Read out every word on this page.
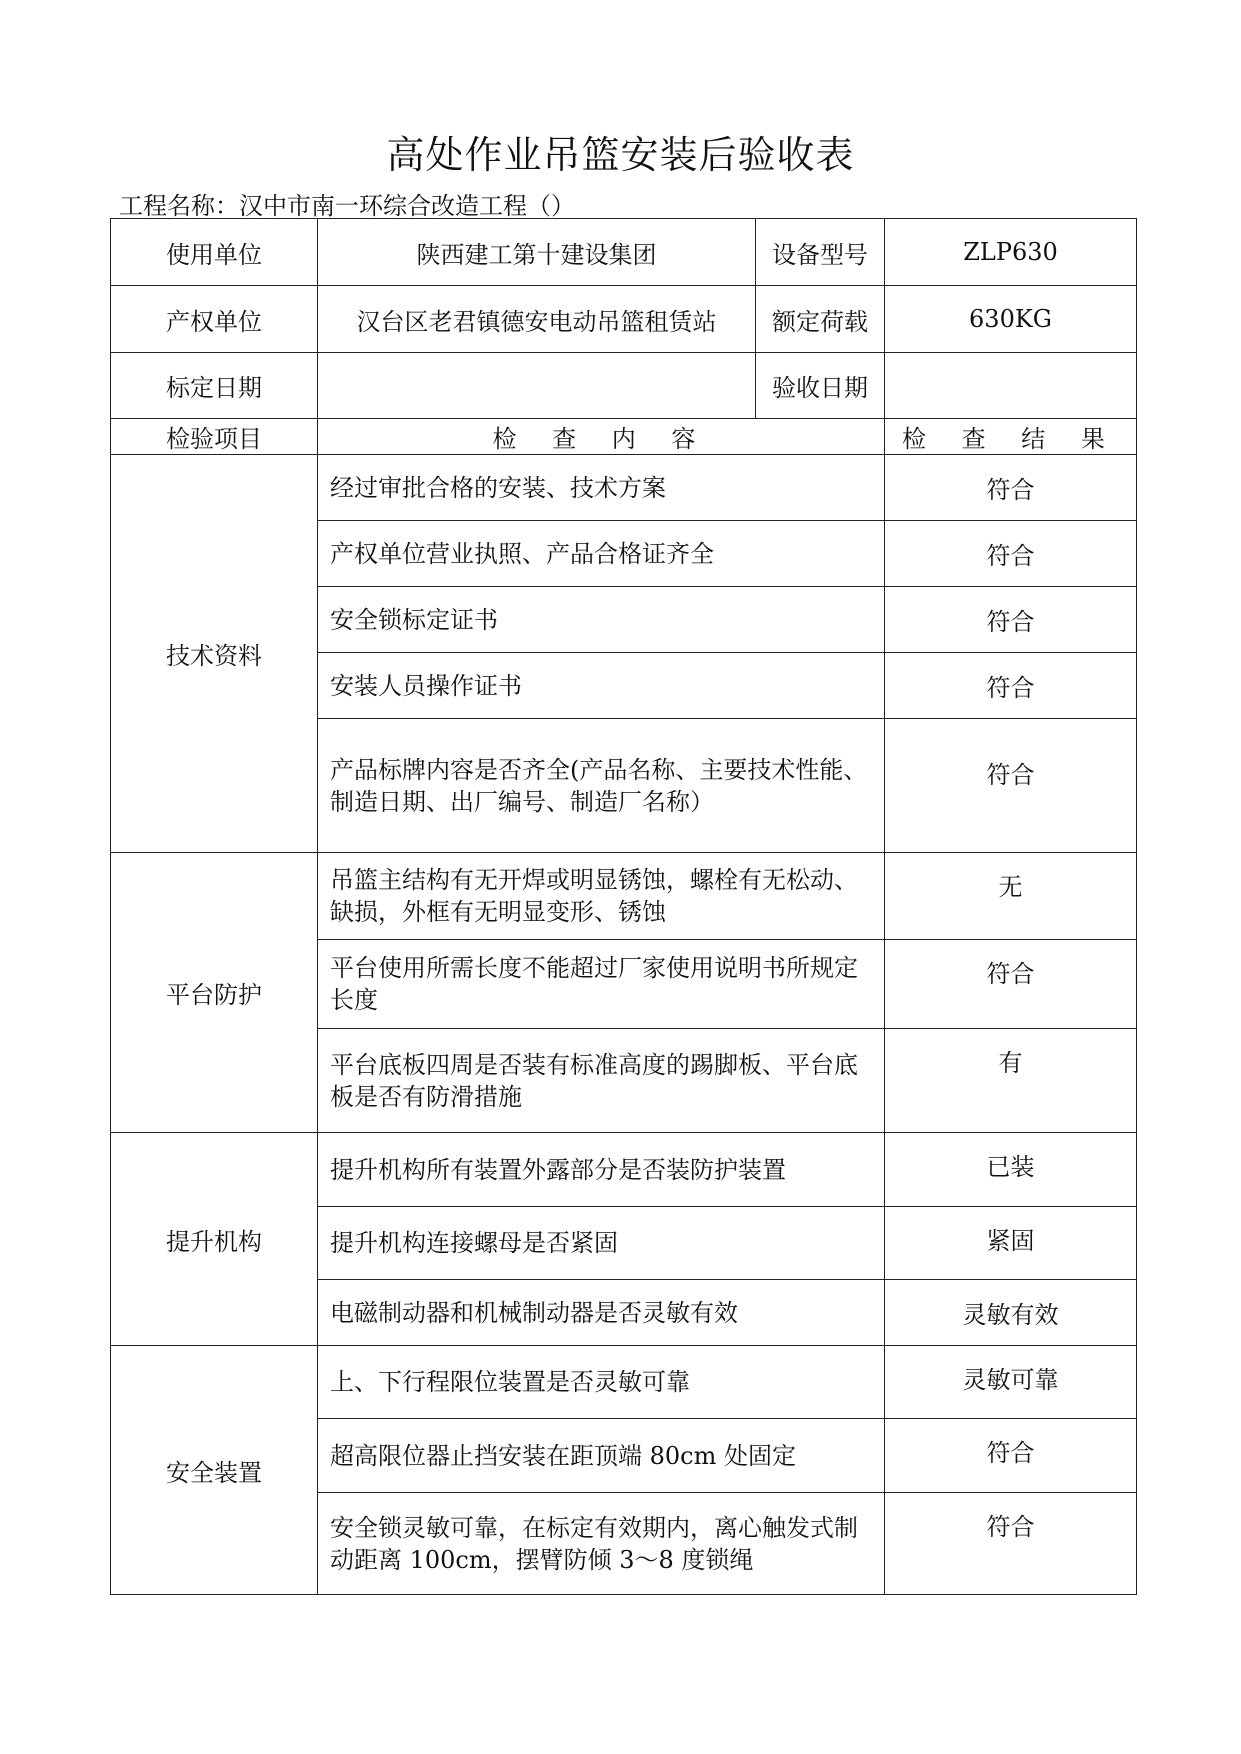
高处作业吊篮安装后验收表
工程名称：汉中市南一环综合改造工程（）
使用单位	陕西建工第十建设集团	设备型号	ZLP630
产权单位	汉台区老君镇德安电动吊篮租赁站	额定荷载	630KG
标定日期		验收日期	
检验项目	检 查 内 容		检 查 结 果
技术资料	经过审批合格的安装、技术方案		符合
	产权单位营业执照、产品合格证齐全		符合
	安全锁标定证书		符合
	安装人员操作证书		符合
	产品标牌内容是否齐全(产品名称、主要技术性能、制造日期、出厂编号、制造厂名称）		符合
平台防护	吊篮主结构有无开焊或明显锈蚀，螺栓有无松动、缺损，外框有无明显变形、锈蚀		无
	平台使用所需长度不能超过厂家使用说明书所规定长度		符合
	平台底板四周是否装有标准高度的踢脚板、平台底板是否有防滑措施		有
提升机构	提升机构所有装置外露部分是否装防护装置		已装
	提升机构连接螺母是否紧固		紧固
	电磁制动器和机械制动器是否灵敏有效		灵敏有效
安全装置	上、下行程限位装置是否灵敏可靠		灵敏可靠
	超高限位器止挡安装在距顶端 80cm 处固定		符合
	安全锁灵敏可靠，在标定有效期内，离心触发式制动距离 100cm，摆臂防倾 3～8 度锁绳		符合
